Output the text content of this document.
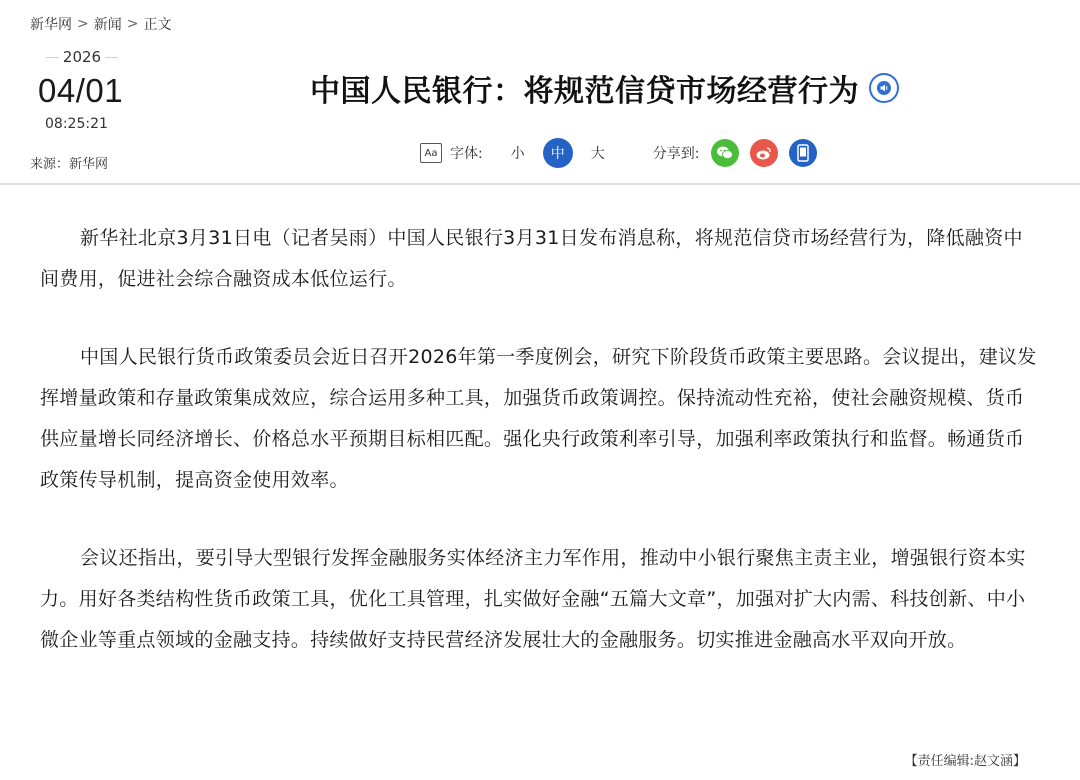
新华网 > 新闻 > 正文
2026
04/01
08:25:21
来源：新华网
中国人民银行：将规范信贷市场经营行为
Aa 字体:	小	中	大	分享到:

新华社北京3月31日电（记者吴雨）中国人民银行3月31日发布消息称，将规范信贷市场经营行为，降低融资中间费用，促进社会综合融资成本低位运行。

中国人民银行货币政策委员会近日召开2026年第一季度例会，研究下阶段货币政策主要思路。会议提出，建议发挥增量政策和存量政策集成效应，综合运用多种工具，加强货币政策调控。保持流动性充裕，使社会融资规模、货币供应量增长同经济增长、价格总水平预期目标相匹配。强化央行政策利率引导，加强利率政策执行和监督。畅通货币政策传导机制，提高资金使用效率。

会议还指出，要引导大型银行发挥金融服务实体经济主力军作用，推动中小银行聚焦主责主业，增强银行资本实力。用好各类结构性货币政策工具，优化工具管理，扎实做好金融“五篇大文章”，加强对扩大内需、科技创新、中小微企业等重点领域的金融支持。持续做好支持民营经济发展壮大的金融服务。切实推进金融高水平双向开放。

【责任编辑:赵文涵】
